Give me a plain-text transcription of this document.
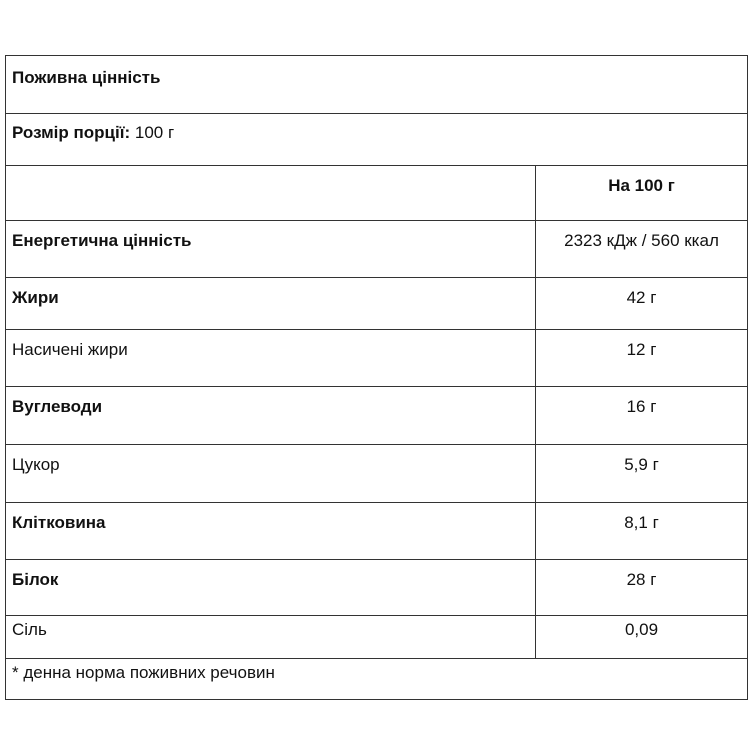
Поживна цінність
Розмір порції: 100 г
На 100 г
Енергетична цінність	2323 кДж / 560 ккал
Жири	42 г
Насичені жири	12 г
Вуглеводи	16 г
Цукор	5,9 г
Клітковина	8,1 г
Білок	28 г
Сіль	0,09
* денна норма поживних речовин
